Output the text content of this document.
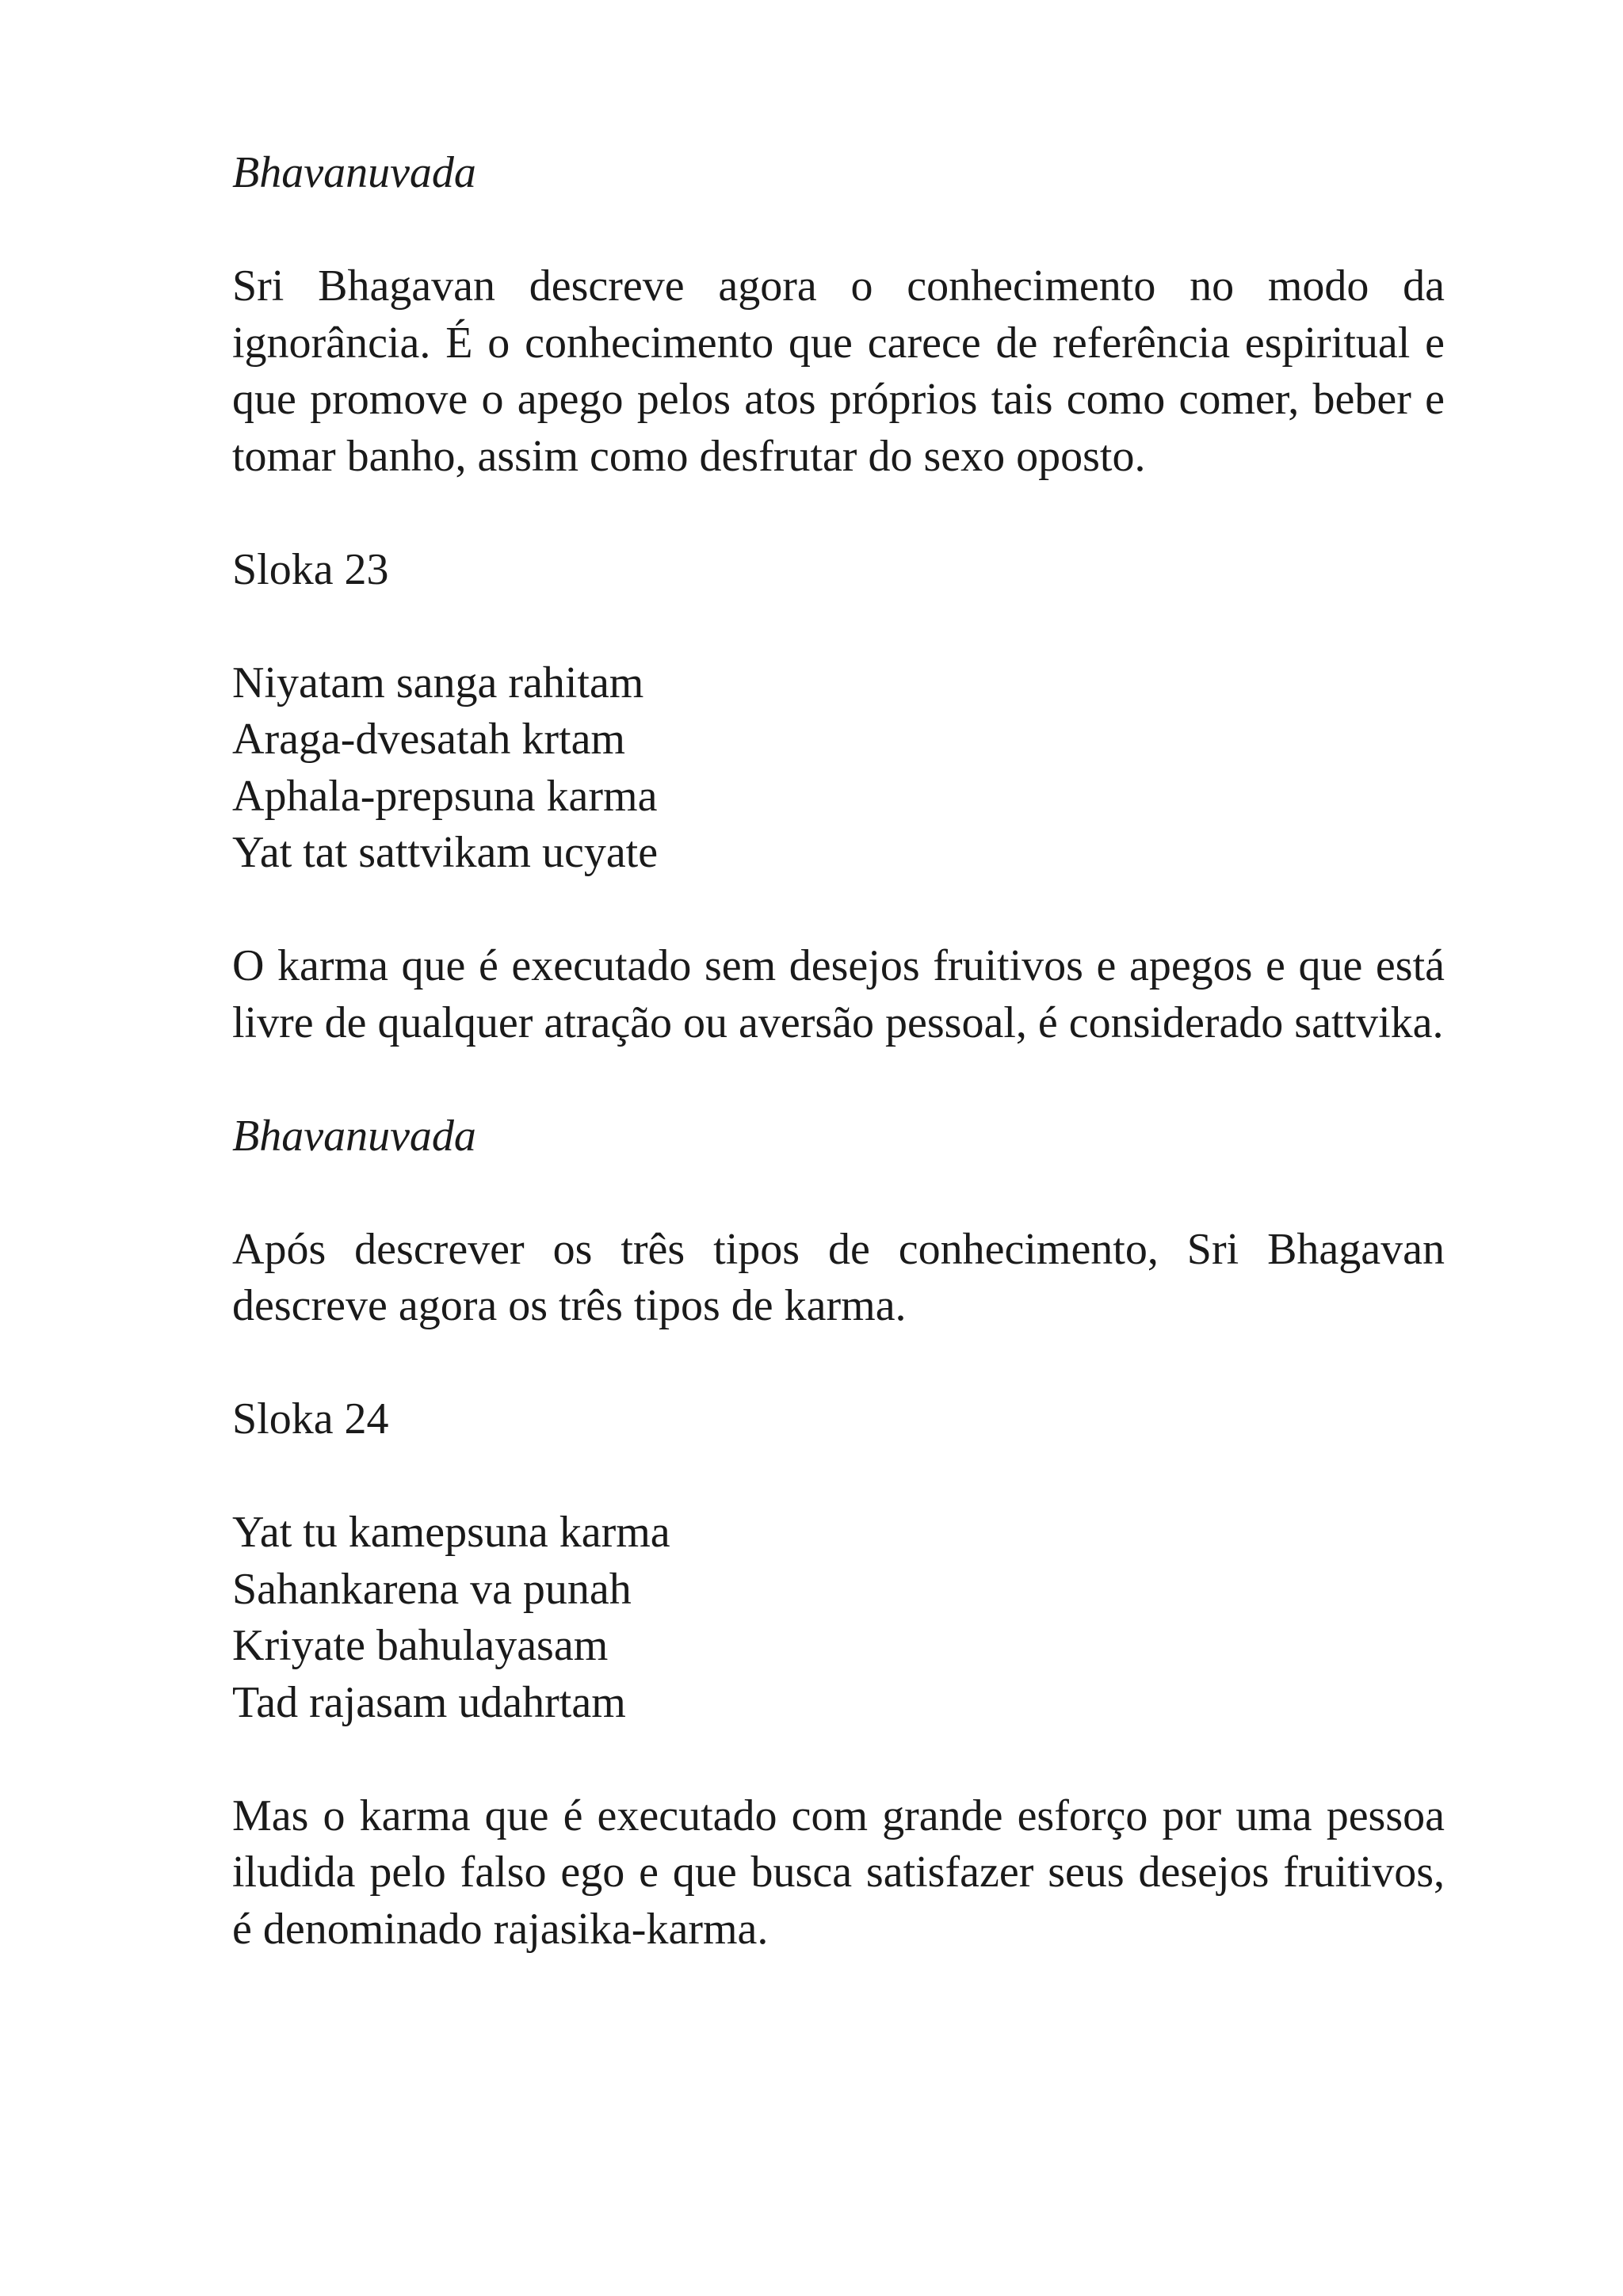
Bhavanuvada

Sri Bhagavan descreve agora o conhecimento no modo da ignorância. É o conhecimento que carece de referência espiritual e que promove o apego pelos atos próprios tais como comer, beber e tomar banho, assim como desfrutar do sexo oposto.

Sloka 23

Niyatam sanga rahitam
Araga-dvesatah krtam
Aphala-prepsuna karma
Yat tat sattvikam ucyate

O karma que é executado sem desejos fruitivos e apegos e que está livre de qualquer atração ou aversão pessoal, é considerado sattvika.

Bhavanuvada

Após descrever os três tipos de conhecimento, Sri Bhagavan descreve agora os três tipos de karma.

Sloka 24

Yat tu kamepsuna karma
Sahankarena va punah
Kriyate bahulayasam
Tad rajasam udahrtam

Mas o karma que é executado com grande esforço por uma pessoa iludida pelo falso ego e que busca satisfazer seus desejos fruitivos, é denominado rajasika-karma.
